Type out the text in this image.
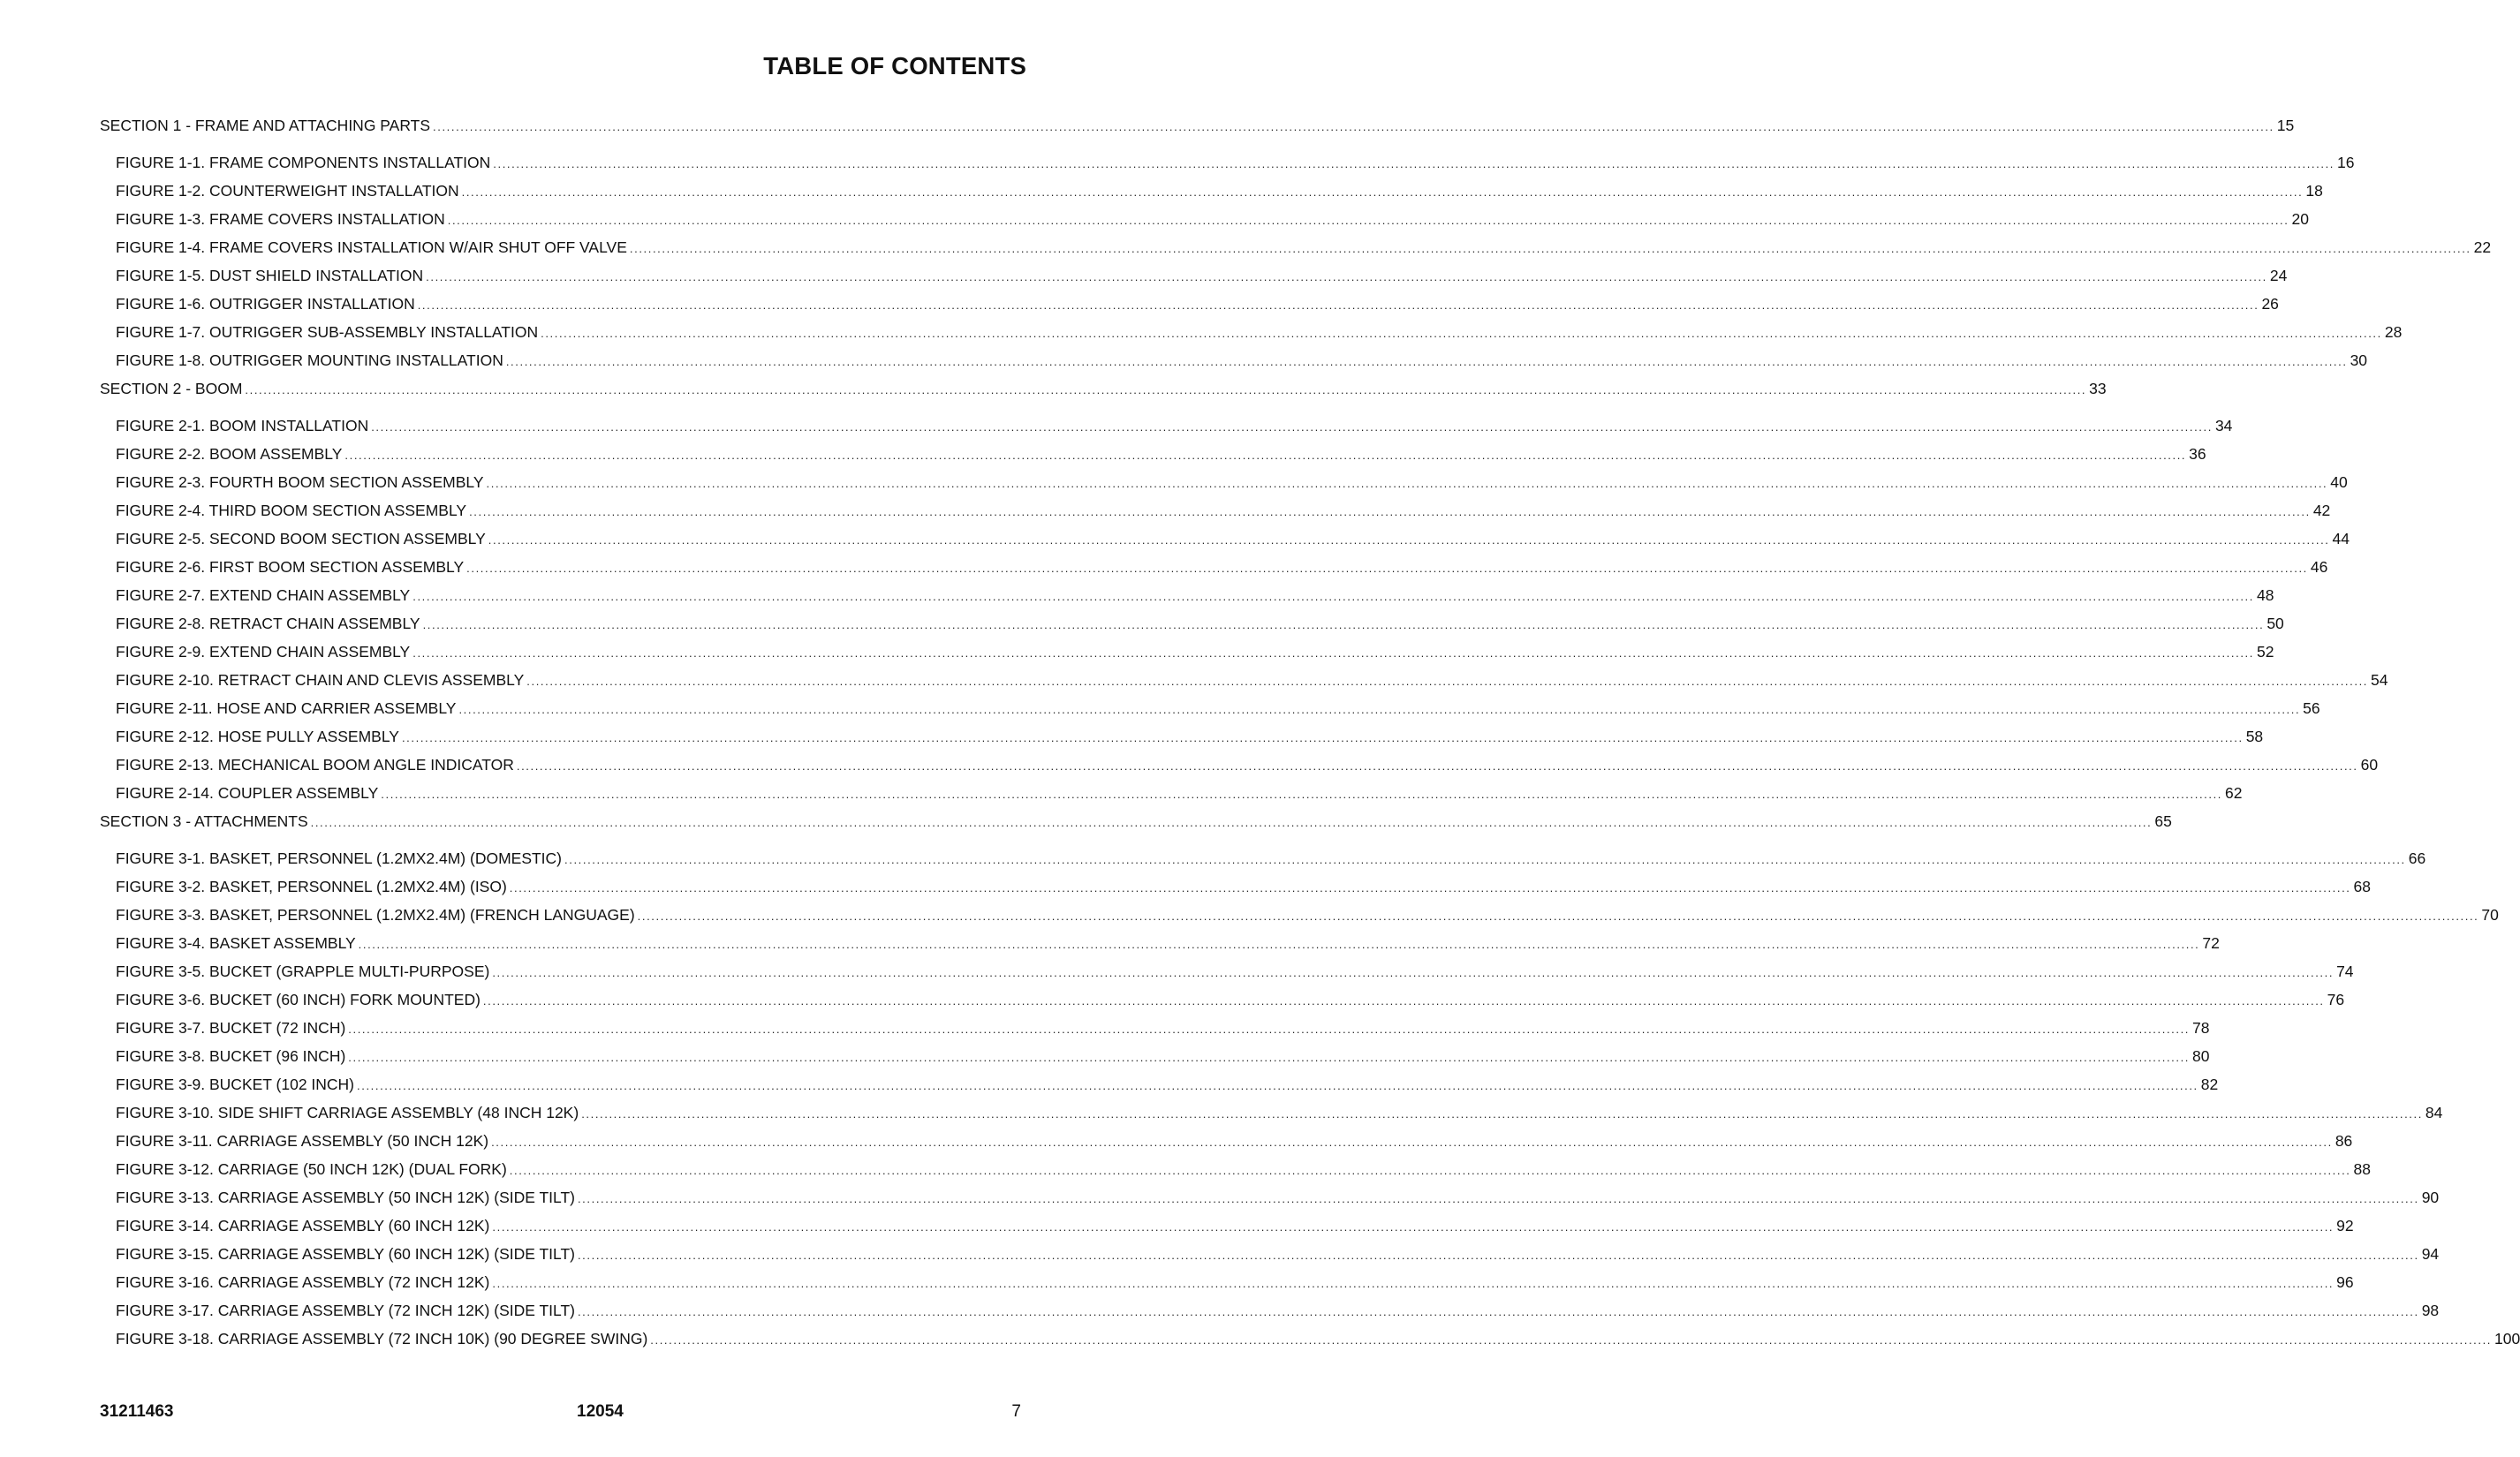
TABLE OF CONTENTS
SECTION 1 - FRAME AND ATTACHING PARTS ................................................................................................................................................................................................................................................................................................................................................................................................................ 15
FIGURE 1-1. FRAME COMPONENTS INSTALLATION ................................................................................................................................................................................................................................................................................................................................................................................................................ 16
FIGURE 1-2. COUNTERWEIGHT INSTALLATION ................................................................................................................................................................................................................................................................................................................................................................................................................ 18
FIGURE 1-3. FRAME COVERS INSTALLATION ................................................................................................................................................................................................................................................................................................................................................................................................................ 20
FIGURE 1-4. FRAME COVERS INSTALLATION W/AIR SHUT OFF VALVE ................................................................................................................................................................................................................................................................................................................................................................................................................ 22
FIGURE 1-5. DUST SHIELD INSTALLATION ................................................................................................................................................................................................................................................................................................................................................................................................................ 24
FIGURE 1-6. OUTRIGGER INSTALLATION ................................................................................................................................................................................................................................................................................................................................................................................................................ 26
FIGURE 1-7. OUTRIGGER SUB-ASSEMBLY INSTALLATION ................................................................................................................................................................................................................................................................................................................................................................................................................ 28
FIGURE 1-8. OUTRIGGER MOUNTING INSTALLATION ................................................................................................................................................................................................................................................................................................................................................................................................................ 30
SECTION 2 - BOOM ................................................................................................................................................................................................................................................................................................................................................................................................................ 33
FIGURE 2-1. BOOM INSTALLATION ................................................................................................................................................................................................................................................................................................................................................................................................................ 34
FIGURE 2-2. BOOM ASSEMBLY ................................................................................................................................................................................................................................................................................................................................................................................................................ 36
FIGURE 2-3. FOURTH BOOM SECTION ASSEMBLY ................................................................................................................................................................................................................................................................................................................................................................................................................ 40
FIGURE 2-4. THIRD BOOM SECTION ASSEMBLY ................................................................................................................................................................................................................................................................................................................................................................................................................ 42
FIGURE 2-5. SECOND BOOM SECTION ASSEMBLY ................................................................................................................................................................................................................................................................................................................................................................................................................ 44
FIGURE 2-6. FIRST BOOM SECTION ASSEMBLY ................................................................................................................................................................................................................................................................................................................................................................................................................ 46
FIGURE 2-7. EXTEND CHAIN ASSEMBLY ................................................................................................................................................................................................................................................................................................................................................................................................................ 48
FIGURE 2-8. RETRACT CHAIN ASSEMBLY ................................................................................................................................................................................................................................................................................................................................................................................................................ 50
FIGURE 2-9. EXTEND CHAIN ASSEMBLY ................................................................................................................................................................................................................................................................................................................................................................................................................ 52
FIGURE 2-10. RETRACT CHAIN AND CLEVIS ASSEMBLY ................................................................................................................................................................................................................................................................................................................................................................................................................ 54
FIGURE 2-11. HOSE AND CARRIER ASSEMBLY ................................................................................................................................................................................................................................................................................................................................................................................................................ 56
FIGURE 2-12. HOSE PULLY ASSEMBLY ................................................................................................................................................................................................................................................................................................................................................................................................................ 58
FIGURE 2-13. MECHANICAL BOOM ANGLE INDICATOR ................................................................................................................................................................................................................................................................................................................................................................................................................ 60
FIGURE 2-14. COUPLER ASSEMBLY ................................................................................................................................................................................................................................................................................................................................................................................................................ 62
SECTION 3 - ATTACHMENTS ................................................................................................................................................................................................................................................................................................................................................................................................................ 65
FIGURE 3-1. BASKET, PERSONNEL (1.2MX2.4M) (DOMESTIC) ................................................................................................................................................................................................................................................................................................................................................................................................................ 66
FIGURE 3-2. BASKET, PERSONNEL (1.2MX2.4M) (ISO) ................................................................................................................................................................................................................................................................................................................................................................................................................ 68
FIGURE 3-3. BASKET, PERSONNEL (1.2MX2.4M) (FRENCH LANGUAGE) ................................................................................................................................................................................................................................................................................................................................................................................................................ 70
FIGURE 3-4. BASKET ASSEMBLY ................................................................................................................................................................................................................................................................................................................................................................................................................ 72
FIGURE 3-5. BUCKET (GRAPPLE MULTI-PURPOSE) ................................................................................................................................................................................................................................................................................................................................................................................................................ 74
FIGURE 3-6. BUCKET (60 INCH) FORK MOUNTED) ................................................................................................................................................................................................................................................................................................................................................................................................................ 76
FIGURE 3-7. BUCKET (72 INCH) ................................................................................................................................................................................................................................................................................................................................................................................................................ 78
FIGURE 3-8. BUCKET (96 INCH) ................................................................................................................................................................................................................................................................................................................................................................................................................ 80
FIGURE 3-9. BUCKET (102 INCH) ................................................................................................................................................................................................................................................................................................................................................................................................................ 82
FIGURE 3-10. SIDE SHIFT CARRIAGE ASSEMBLY (48 INCH 12K) ................................................................................................................................................................................................................................................................................................................................................................................................................ 84
FIGURE 3-11. CARRIAGE ASSEMBLY (50 INCH 12K) ................................................................................................................................................................................................................................................................................................................................................................................................................ 86
FIGURE 3-12. CARRIAGE (50 INCH 12K) (DUAL FORK) ................................................................................................................................................................................................................................................................................................................................................................................................................ 88
FIGURE 3-13. CARRIAGE ASSEMBLY (50 INCH 12K) (SIDE TILT) ................................................................................................................................................................................................................................................................................................................................................................................................................ 90
FIGURE 3-14. CARRIAGE ASSEMBLY (60 INCH 12K) ................................................................................................................................................................................................................................................................................................................................................................................................................ 92
FIGURE 3-15. CARRIAGE ASSEMBLY (60 INCH 12K) (SIDE TILT) ................................................................................................................................................................................................................................................................................................................................................................................................................ 94
FIGURE 3-16. CARRIAGE ASSEMBLY (72 INCH 12K) ................................................................................................................................................................................................................................................................................................................................................................................................................ 96
FIGURE 3-17. CARRIAGE ASSEMBLY (72 INCH 12K) (SIDE TILT) ................................................................................................................................................................................................................................................................................................................................................................................................................ 98
FIGURE 3-18. CARRIAGE ASSEMBLY (72 INCH 10K) (90 DEGREE SWING) ................................................................................................................................................................................................................................................................................................................................................................................................................ 100
31211463	12054	7
